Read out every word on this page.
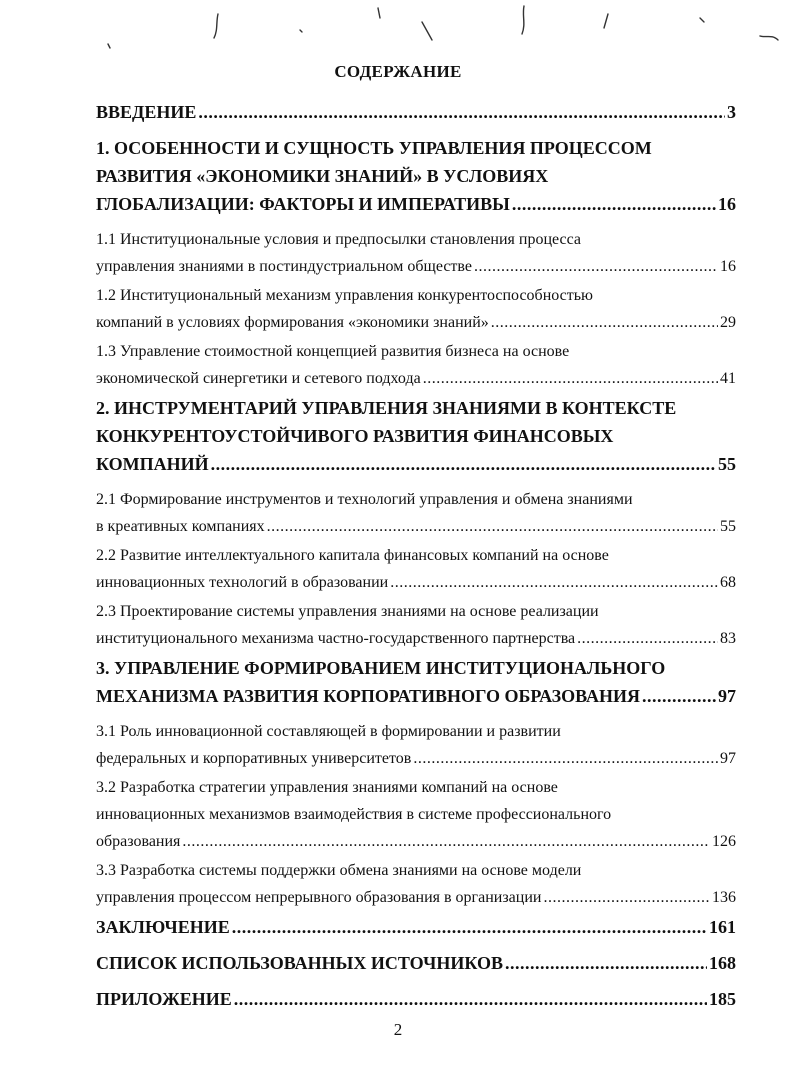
СОДЕРЖАНИЕ
ВВЕДЕНИЕ .....	3
1. ОСОБЕННОСТИ И СУЩНОСТЬ УПРАВЛЕНИЯ ПРОЦЕССОМ
РАЗВИТИЯ «ЭКОНОМИКИ ЗНАНИЙ» В УСЛОВИЯХ
ГЛОБАЛИЗАЦИИ: ФАКТОРЫ И ИМПЕРАТИВЫ .....	16
1.1 Институциональные условия и предпосылки становления процесса
управления знаниями в постиндустриальном обществе .....	16
1.2 Институциональный механизм управления конкурентоспособностью
компаний в условиях формирования «экономики знаний» .....	29
1.3 Управление стоимостной концепцией развития бизнеса на основе
экономической синергетики и сетевого подхода .....	41
2. ИНСТРУМЕНТАРИЙ УПРАВЛЕНИЯ ЗНАНИЯМИ В КОНТЕКСТЕ
КОНКУРЕНТОУСТОЙЧИВОГО РАЗВИТИЯ ФИНАНСОВЫХ
КОМПАНИЙ .....	55
2.1 Формирование инструментов и технологий управления и обмена знаниями
в креативных компаниях .....	55
2.2 Развитие интеллектуального капитала финансовых компаний на основе
инновационных технологий в образовании .....	68
2.3 Проектирование системы управления знаниями на основе реализации
институционального механизма частно-государственного партнерства .....	83
3. УПРАВЛЕНИЕ ФОРМИРОВАНИЕМ ИНСТИТУЦИОНАЛЬНОГО
МЕХАНИЗМА РАЗВИТИЯ КОРПОРАТИВНОГО ОБРАЗОВАНИЯ .....	97
3.1 Роль инновационной составляющей в формировании и развитии
федеральных и корпоративных университетов .....	97
3.2 Разработка стратегии управления знаниями компаний на основе
инновационных механизмов взаимодействия в системе профессионального
образования .....	126
3.3 Разработка системы поддержки обмена знаниями на основе модели
управления процессом непрерывного образования в организации .....	136
ЗАКЛЮЧЕНИЕ .....	161
СПИСОК ИСПОЛЬЗОВАННЫХ ИСТОЧНИКОВ .....	168
ПРИЛОЖЕНИЕ .....	185
2
